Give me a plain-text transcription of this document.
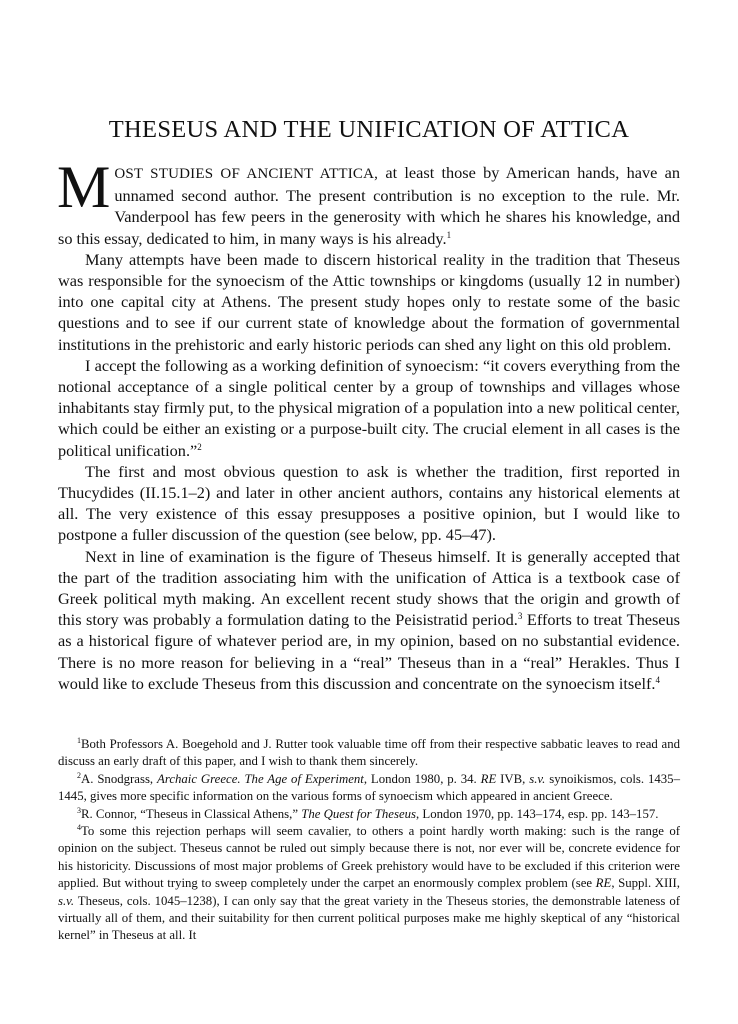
THESEUS AND THE UNIFICATION OF ATTICA

MOST STUDIES OF ANCIENT ATTICA, at least those by American hands, have an unnamed second author. The present contribution is no exception to the rule. Mr. Vanderpool has few peers in the generosity with which he shares his knowledge, and so this essay, dedicated to him, in many ways is his already.$^1$

Many attempts have been made to discern historical reality in the tradition that Theseus was responsible for the synoecism of the Attic townships or kingdoms (usually 12 in number) into one capital city at Athens. The present study hopes only to restate some of the basic questions and to see if our current state of knowledge about the formation of governmental institutions in the prehistoric and early historic periods can shed any light on this old problem.

I accept the following as a working definition of synoecism: “it covers everything from the notional acceptance of a single political center by a group of townships and villages whose inhabitants stay firmly put, to the physical migration of a population into a new political center, which could be either an existing or a purpose-built city. The crucial element in all cases is the political unification.”$^2$

The first and most obvious question to ask is whether the tradition, first reported in Thucydides (II.15.1–2) and later in other ancient authors, contains any historical elements at all. The very existence of this essay presupposes a positive opinion, but I would like to postpone a fuller discussion of the question (see below, pp. 45–47).

Next in line of examination is the figure of Theseus himself. It is generally accepted that the part of the tradition associating him with the unification of Attica is a textbook case of Greek political myth making. An excellent recent study shows that the origin and growth of this story was probably a formulation dating to the Peisistratid period.$^3$ Efforts to treat Theseus as a historical figure of whatever period are, in my opinion, based on no substantial evidence. There is no more reason for believing in a “real” Theseus than in a “real” Herakles. Thus I would like to exclude Theseus from this discussion and concentrate on the synoecism itself.$^4$

$^1$Both Professors A. Boegehold and J. Rutter took valuable time off from their respective sabbatic leaves to read and discuss an early draft of this paper, and I wish to thank them sincerely.

$^2$A. Snodgrass, Archaic Greece. The Age of Experiment, London 1980, p. 34. RE IVB, s.v. synoikismos, cols. 1435–1445, gives more specific information on the various forms of synoecism which appeared in ancient Greece.

$^3$R. Connor, “Theseus in Classical Athens,” The Quest for Theseus, London 1970, pp. 143–174, esp. pp. 143–157.

$^4$To some this rejection perhaps will seem cavalier, to others a point hardly worth making: such is the range of opinion on the subject. Theseus cannot be ruled out simply because there is not, nor ever will be, concrete evidence for his historicity. Discussions of most major problems of Greek prehistory would have to be excluded if this criterion were applied. But without trying to sweep completely under the carpet an enormously complex problem (see RE, Suppl. XIII, s.v. Theseus, cols. 1045–1238), I can only say that the great variety in the Theseus stories, the demonstrable lateness of virtually all of them, and their suitability for then current political purposes make me highly skeptical of any “historical kernel” in Theseus at all. It
